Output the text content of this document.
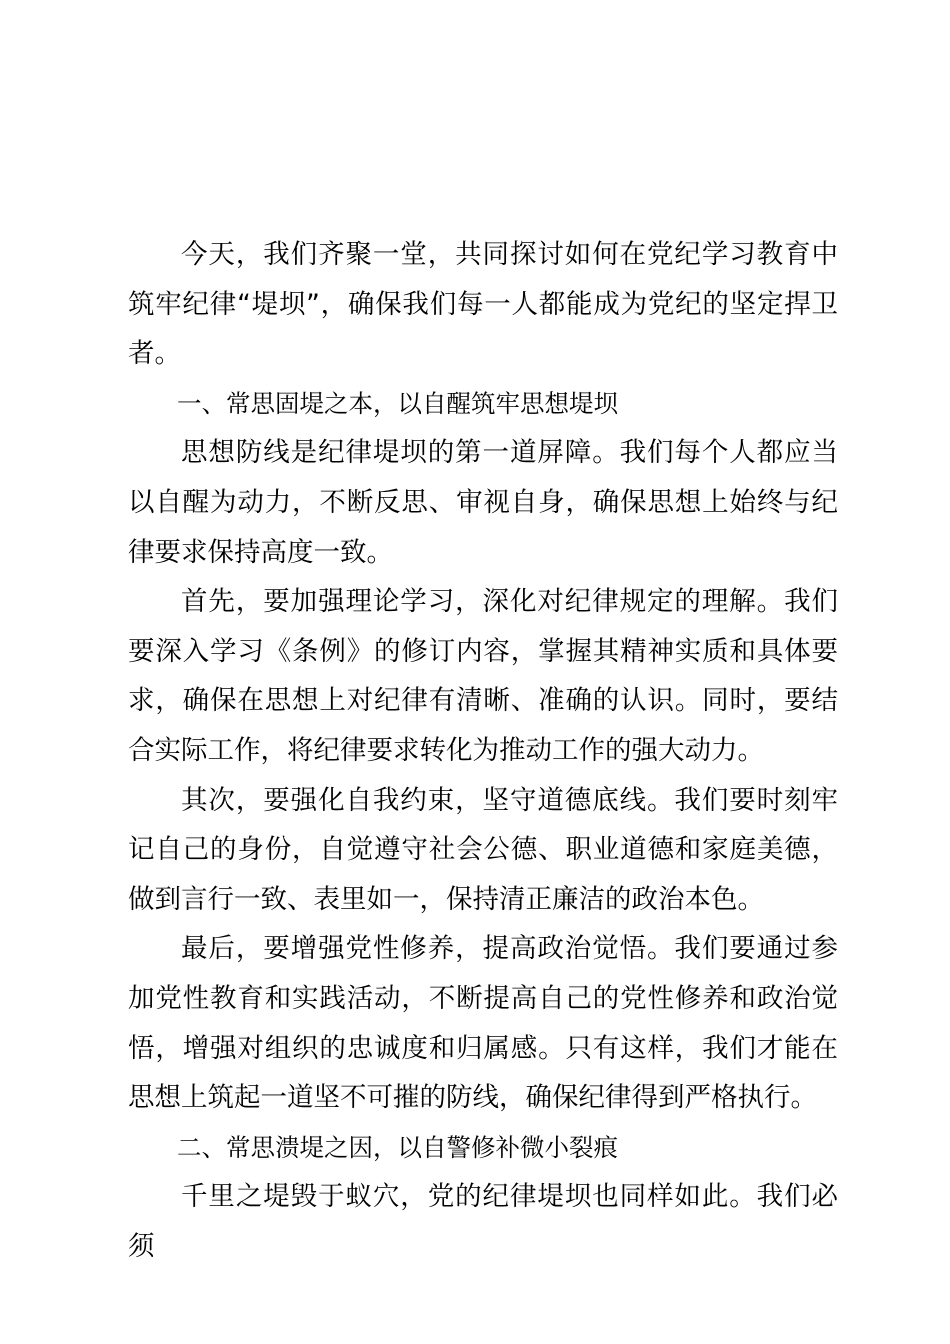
今天，我们齐聚一堂，共同探讨如何在党纪学习教育中筑牢纪律“堤坝”，确保我们每一人都能成为党纪的坚定捍卫者。

一、常思固堤之本，以自醒筑牢思想堤坝

思想防线是纪律堤坝的第一道屏障。我们每个人都应当以自醒为动力，不断反思、审视自身，确保思想上始终与纪律要求保持高度一致。

首先，要加强理论学习，深化对纪律规定的理解。我们要深入学习《条例》的修订内容，掌握其精神实质和具体要求，确保在思想上对纪律有清晰、准确的认识。同时，要结合实际工作，将纪律要求转化为推动工作的强大动力。

其次，要强化自我约束，坚守道德底线。我们要时刻牢记自己的身份，自觉遵守社会公德、职业道德和家庭美德，做到言行一致、表里如一，保持清正廉洁的政治本色。

最后，要增强党性修养，提高政治觉悟。我们要通过参加党性教育和实践活动，不断提高自己的党性修养和政治觉悟，增强对组织的忠诚度和归属感。只有这样，我们才能在思想上筑起一道坚不可摧的防线，确保纪律得到严格执行。

二、常思溃堤之因，以自警修补微小裂痕

千里之堤毁于蚁穴，党的纪律堤坝也同样如此。我们必须
